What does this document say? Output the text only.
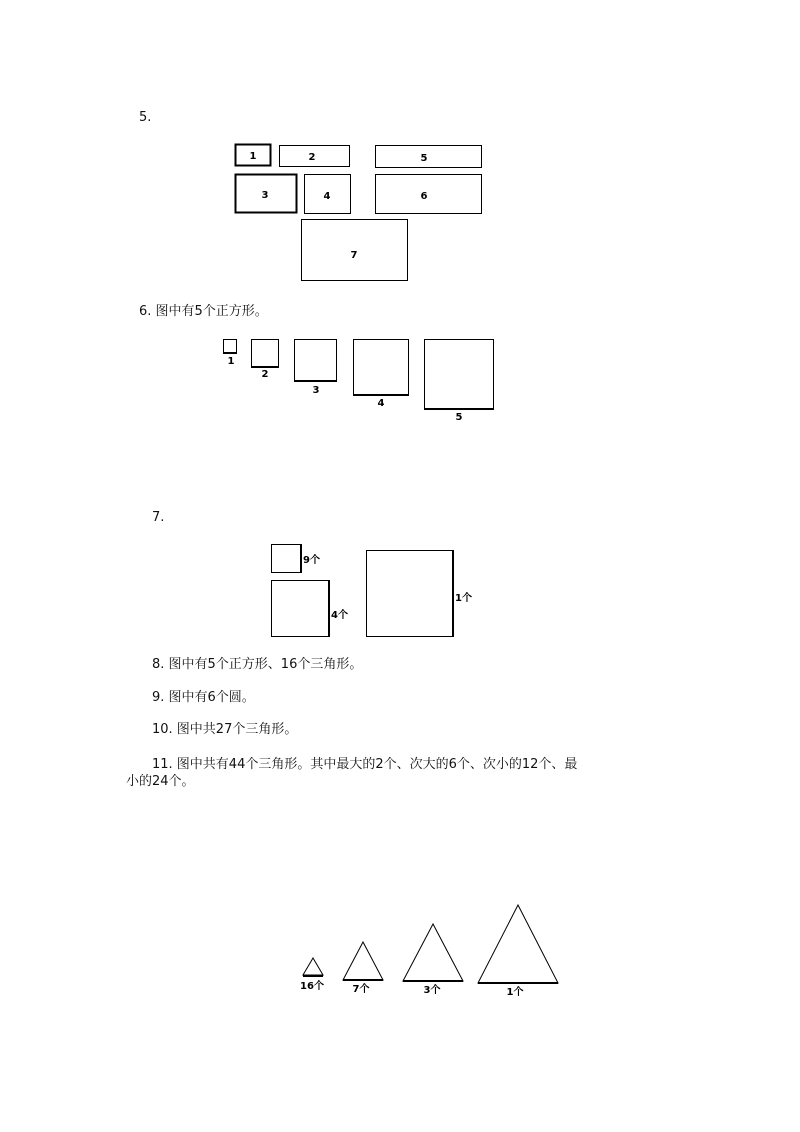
5.
1	2	5
3	4	6
7
1
2
3
4
5
9个
4个
1个
16个	7个	3个	1个
6. 图中有5个正方形。
7.
8. 图中有5个正方形、16个三角形。
9. 图中有6个圆。
10. 图中共27个三角形。
11. 图中共有44个三角形。其中最大的2个、次大的6个、次小的12个、最
小的24个。
